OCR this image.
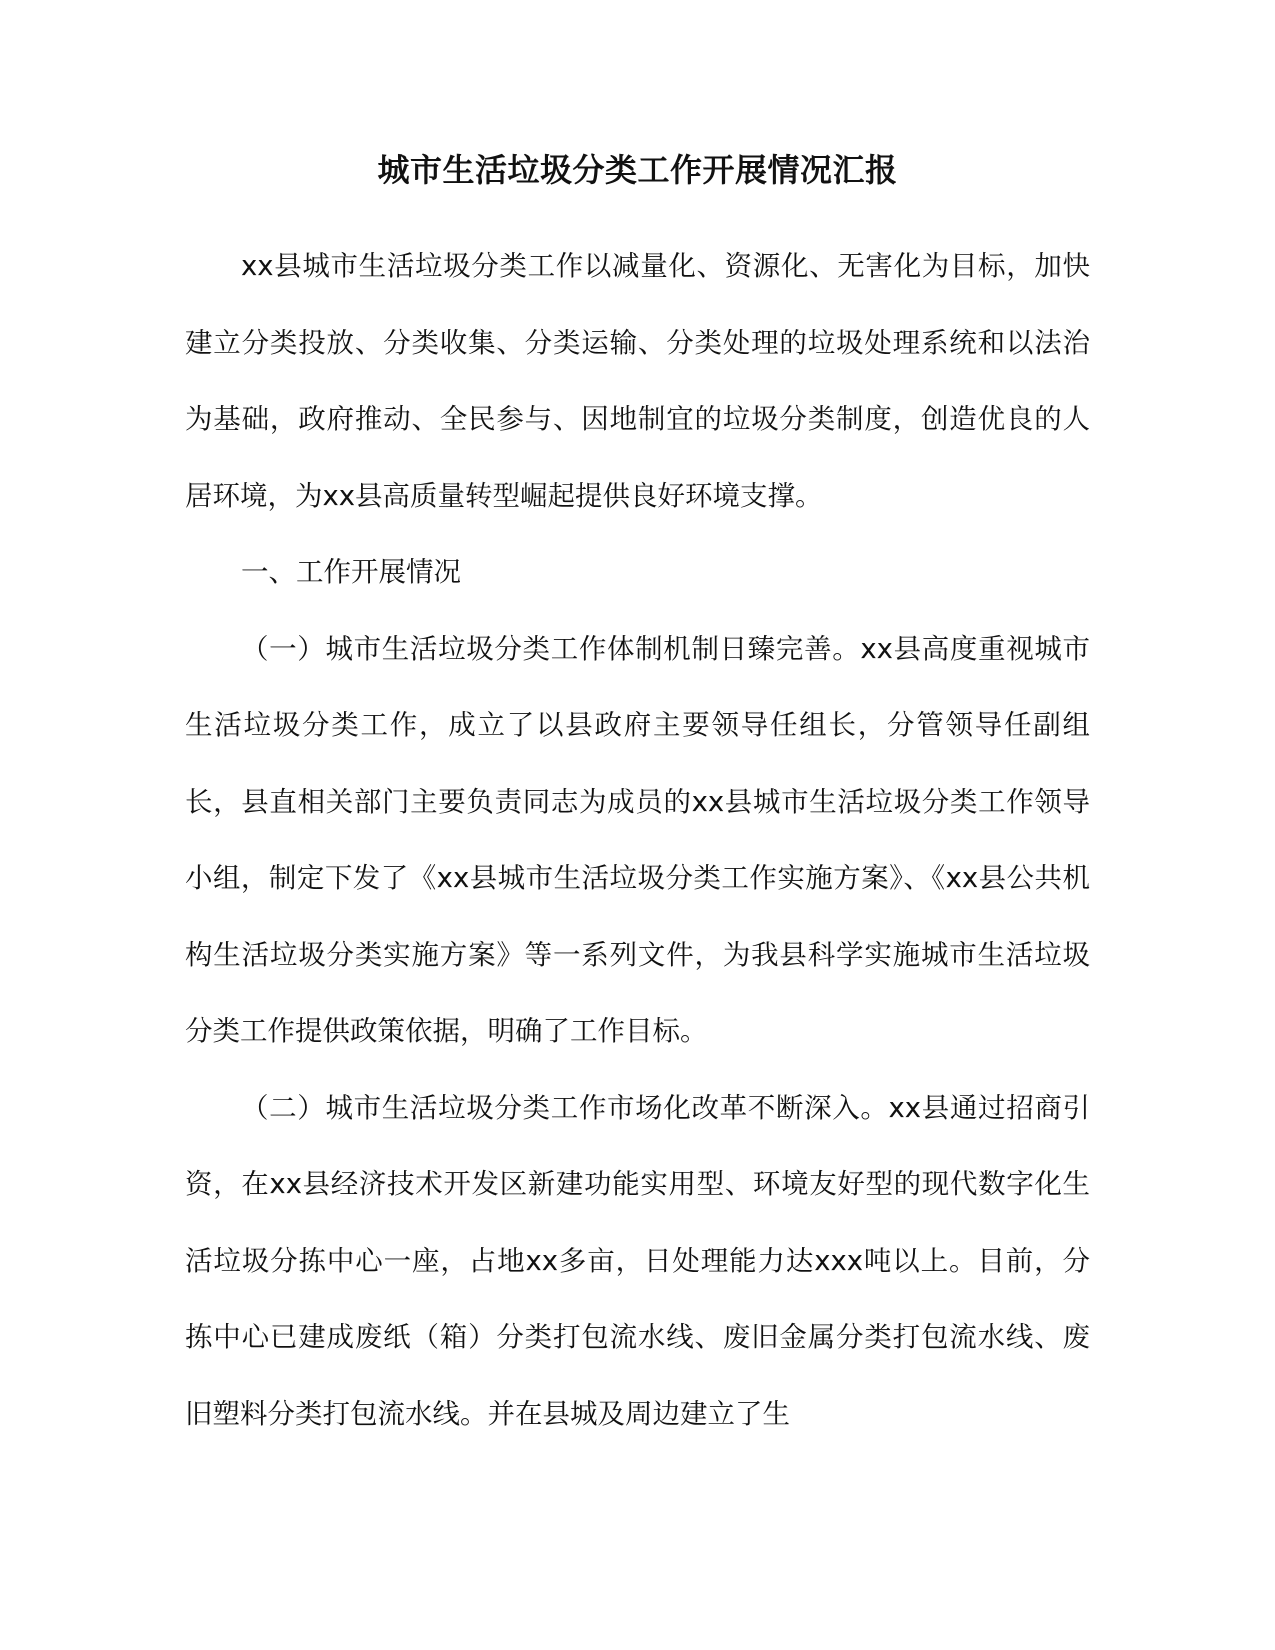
城市生活垃圾分类工作开展情况汇报

xx县城市生活垃圾分类工作以减量化、资源化、无害化为目标，加快建立分类投放、分类收集、分类运输、分类处理的垃圾处理系统和以法治为基础，政府推动、全民参与、因地制宜的垃圾分类制度，创造优良的人居环境，为xx县高质量转型崛起提供良好环境支撑。

一、工作开展情况

（一）城市生活垃圾分类工作体制机制日臻完善。xx县高度重视城市生活垃圾分类工作，成立了以县政府主要领导任组长，分管领导任副组长，县直相关部门主要负责同志为成员的xx县城市生活垃圾分类工作领导小组，制定下发了《xx县城市生活垃圾分类工作实施方案》、《xx县公共机构生活垃圾分类实施方案》等一系列文件，为我县科学实施城市生活垃圾分类工作提供政策依据，明确了工作目标。

（二）城市生活垃圾分类工作市场化改革不断深入。xx县通过招商引资，在xx县经济技术开发区新建功能实用型、环境友好型的现代数字化生活垃圾分拣中心一座，占地xx多亩，日处理能力达xxx吨以上。目前，分拣中心已建成废纸（箱）分类打包流水线、废旧金属分类打包流水线、废旧塑料分类打包流水线。并在县城及周边建立了生
